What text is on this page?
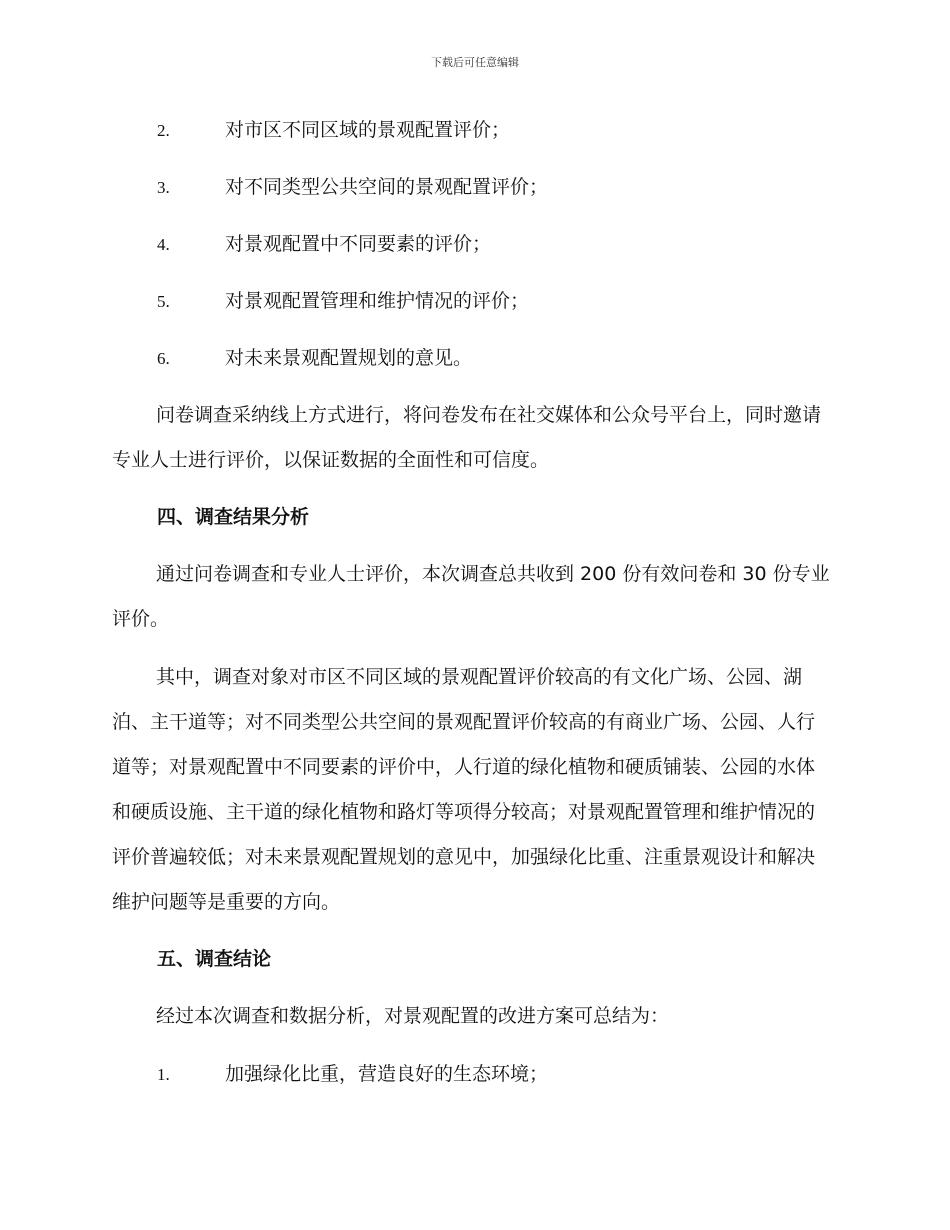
下载后可任意编辑
2.	对市区不同区域的景观配置评价；
3.	对不同类型公共空间的景观配置评价；
4.	对景观配置中不同要素的评价；
5.	对景观配置管理和维护情况的评价；
6.	对未来景观配置规划的意见。

问卷调查采纳线上方式进行，将问卷发布在社交媒体和公众号平台上，同时邀请专业人士进行评价，以保证数据的全面性和可信度。

四、调查结果分析

通过问卷调查和专业人士评价，本次调查总共收到 200 份有效问卷和 30 份专业评价。

其中，调查对象对市区不同区域的景观配置评价较高的有文化广场、公园、湖泊、主干道等；对不同类型公共空间的景观配置评价较高的有商业广场、公园、人行道等；对景观配置中不同要素的评价中，人行道的绿化植物和硬质铺装、公园的水体和硬质设施、主干道的绿化植物和路灯等项得分较高；对景观配置管理和维护情况的评价普遍较低；对未来景观配置规划的意见中，加强绿化比重、注重景观设计和解决维护问题等是重要的方向。

五、调查结论

经过本次调查和数据分析，对景观配置的改进方案可总结为：

1.	加强绿化比重，营造良好的生态环境；
